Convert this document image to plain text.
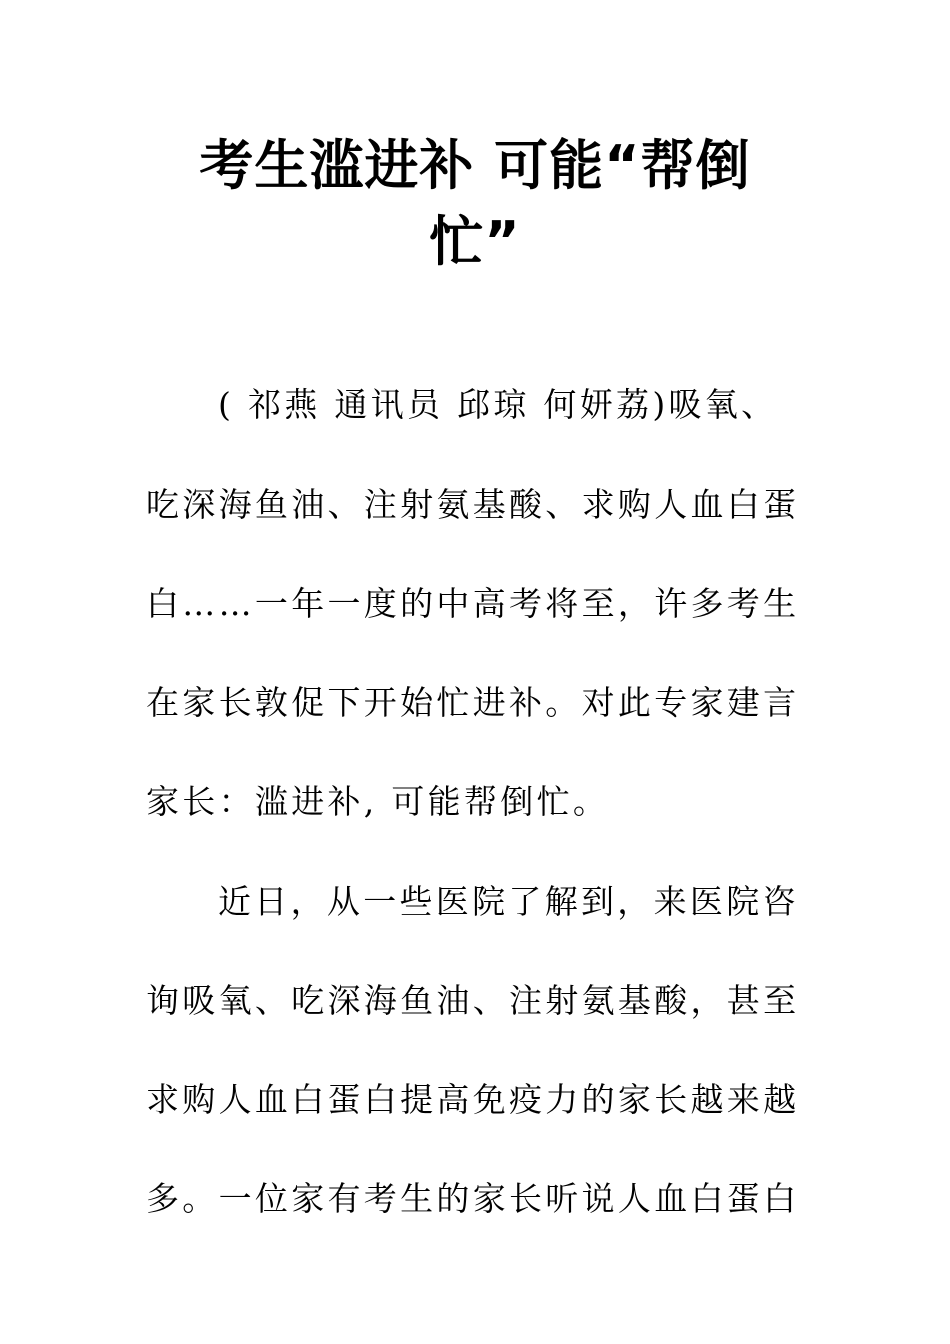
考生滥进补 可能“帮倒
忙”

( 祁燕 通讯员 邱琼 何妍荔)吸氧、

吃深海鱼油、注射氨基酸、求购人血白蛋

白……一年一度的中高考将至，许多考生

在家长敦促下开始忙进补。对此专家建言

家长：滥进补, 可能帮倒忙。

近日，从一些医院了解到，来医院咨

询吸氧、吃深海鱼油、注射氨基酸，甚至

求购人血白蛋白提高免疫力的家长越来越

多。一位家有考生的家长听说人血白蛋白
